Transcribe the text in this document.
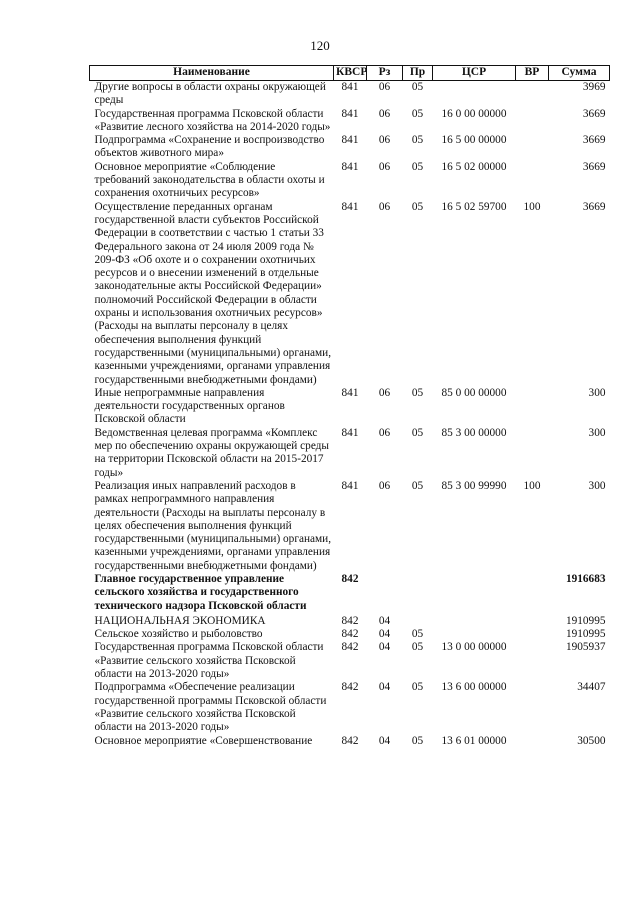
120
Наименование	КВСР	Рз	Пр	ЦСР	ВР	Сумма
Другие вопросы в области охраны окружающей среды	841	06	05			3969
Государственная программа Псковской области «Развитие лесного хозяйства на 2014-2020 годы»	841	06	05	16 0 00 00000		3669
Подпрограмма «Сохранение и воспроизводство объектов животного мира»	841	06	05	16 5 00 00000		3669
Основное мероприятие «Соблюдение требований законодательства в области охоты и сохранения охотничьих ресурсов»	841	06	05	16 5 02 00000		3669
Осуществление переданных органам государственной власти субъектов Российской Федерации в соответствии с частью 1 статьи 33 Федерального закона от 24 июля 2009 года № 209-ФЗ «Об охоте и о сохранении охотничьих ресурсов и о внесении изменений в отдельные законодательные акты Российской Федерации» полномочий Российской Федерации в области охраны и использования охотничьих ресурсов» (Расходы на выплаты персоналу в целях обеспечения выполнения функций государственными (муниципальными) органами, казенными учреждениями, органами управления государственными внебюджетными фондами)	841	06	05	16 5 02 59700	100	3669
Иные непрограммные направления деятельности государственных органов Псковской области	841	06	05	85 0 00 00000		300
Ведомственная целевая программа «Комплекс мер по обеспечению охраны окружающей среды на территории Псковской области на 2015-2017 годы»	841	06	05	85 3 00 00000		300
Реализация иных направлений расходов в рамках непрограммного направления деятельности (Расходы на выплаты персоналу в целях обеспечения выполнения функций государственными (муниципальными) органами, казенными учреждениями, органами управления государственными внебюджетными фондами)	841	06	05	85 3 00 99990	100	300
Главное государственное управление сельского хозяйства и государственного технического надзора Псковской области	842					1916683
НАЦИОНАЛЬНАЯ ЭКОНОМИКА	842	04				1910995
Сельское хозяйство и рыболовство	842	04	05			1910995
Государственная программа Псковской области «Развитие сельского хозяйства Псковской области на 2013-2020 годы»	842	04	05	13 0 00 00000		1905937
Подпрограмма «Обеспечение реализации государственной программы Псковской области «Развитие сельского хозяйства Псковской области на 2013-2020 годы»	842	04	05	13 6 00 00000		34407
Основное мероприятие «Совершенствование	842	04	05	13 6 01 00000		30500
